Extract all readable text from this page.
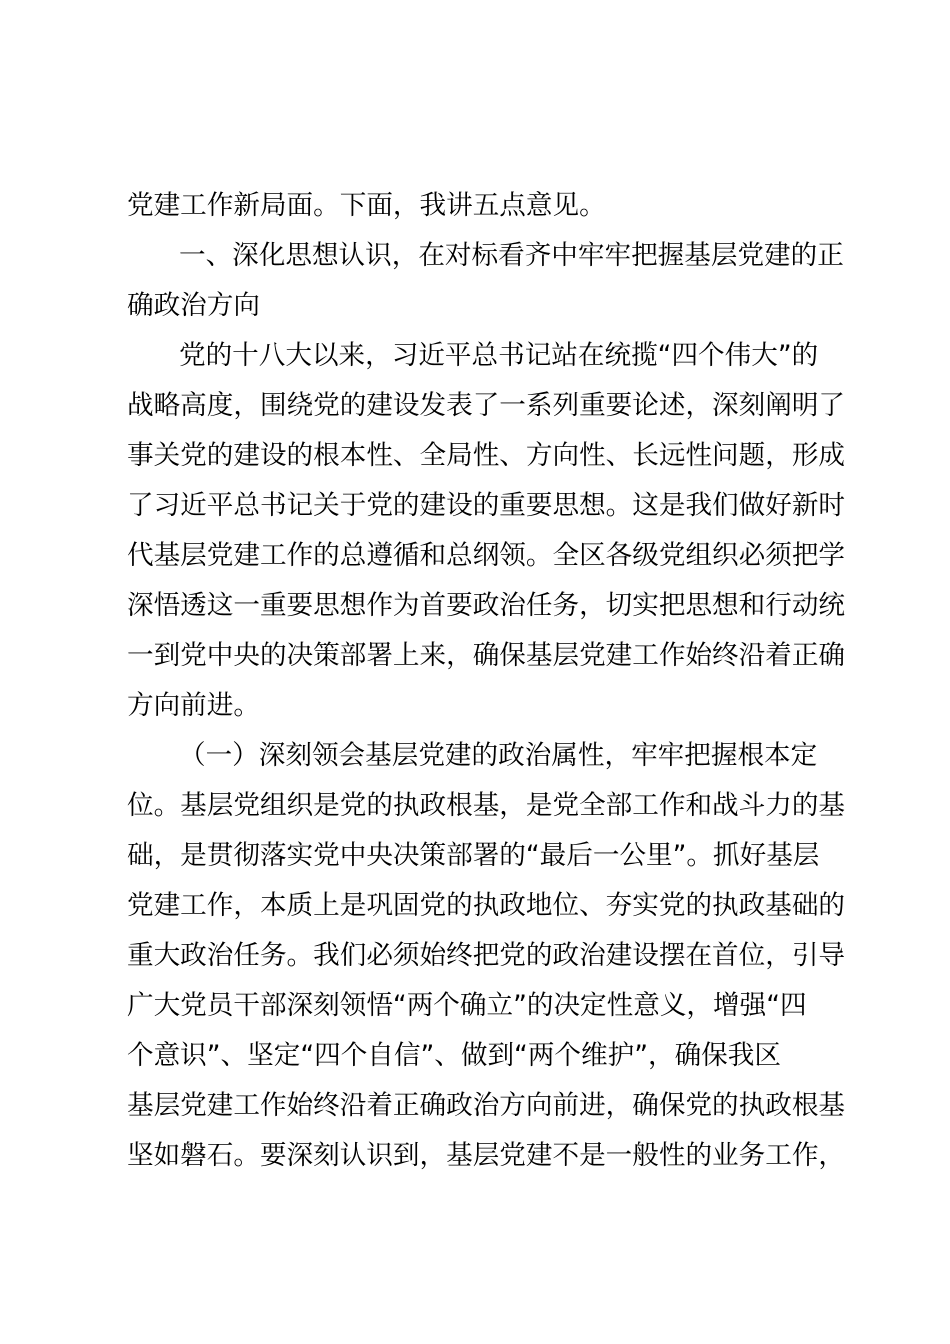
党建工作新局面。下面，我讲五点意见。
一、深化思想认识，在对标看齐中牢牢把握基层党建的正
确政治方向
党的十八大以来，习近平总书记站在统揽“四个伟大”的
战略高度，围绕党的建设发表了一系列重要论述，深刻阐明了
事关党的建设的根本性、全局性、方向性、长远性问题，形成
了习近平总书记关于党的建设的重要思想。这是我们做好新时
代基层党建工作的总遵循和总纲领。全区各级党组织必须把学
深悟透这一重要思想作为首要政治任务，切实把思想和行动统
一到党中央的决策部署上来，确保基层党建工作始终沿着正确
方向前进。
（一）深刻领会基层党建的政治属性，牢牢把握根本定
位。基层党组织是党的执政根基，是党全部工作和战斗力的基
础，是贯彻落实党中央决策部署的“最后一公里”。抓好基层
党建工作，本质上是巩固党的执政地位、夯实党的执政基础的
重大政治任务。我们必须始终把党的政治建设摆在首位，引导
广大党员干部深刻领悟“两个确立”的决定性意义，增强“四
个意识”、坚定“四个自信”、做到“两个维护”，确保我区
基层党建工作始终沿着正确政治方向前进，确保党的执政根基
坚如磐石。要深刻认识到，基层党建不是一般性的业务工作，
